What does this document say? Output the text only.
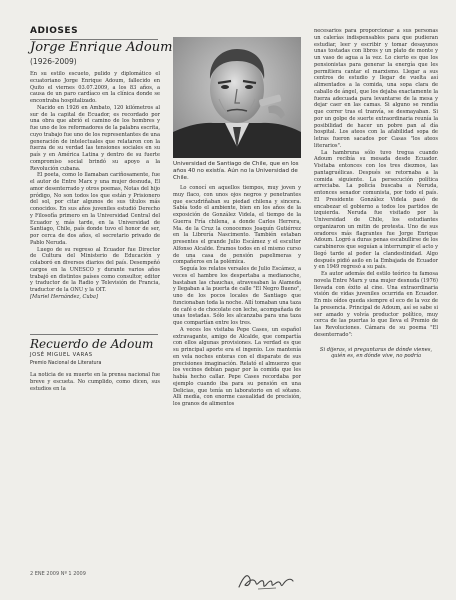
ADIOSES
Jorge Enrique Adoum
(1926-2009)

En su estilo escueto, pulido y diplomático el ecuatoriano Jorge Enrique Adoum, fallecido en Quito el viernes 03.07.2009, a los 83 años, a causa de un paro cardíaco en la clínica donde se encontraba hospitalizado.

Nacido en 1926 en Ambato, 120 kilómetros al sur de la capital de Ecuador, es recordado por una obra que abrió el camino de los hombres y fue uno de los reformadores de la palabra escrita, cuyo trabajo fue uno de los representantes de una generación de intelectuales que relataron con la fuerza de su verdad las tensiones sociales en su país y en América Latina y dentro de su fuerte compromiso social brindó su apoyo a la Revolución cubana.

El poeta, como lo llamaban cariñosamente, fue el autor de Entre Marx y una mujer desnuda, El amor desenterrado y otros poemas, Notas del hijo pródigo, No son todos los que están y Prisionero del sol, por citar algunos de sus títulos más conocidos. En sus años juveniles estudió Derecho y Filosofía primero en la Universidad Central del Ecuador y, más tarde, en la Universidad de Santiago, Chile, país donde tuvo el honor de ser, por cerca de dos años, el secretario privado de Pablo Neruda.

Luego de su regreso al Ecuador fue Director de Cultura del Ministerio de Educación y colaboró en diversos diarios del país. Desempeñó cargos en la UNESCO y durante varios años trabajó en distintos países como consultor, editor y traductor de la Radio y Televisión de Francia, traductor de la ONU y la OIT.

[Muriel Hernández, Cuba]

Recuerdo de Adoum
JOSÉ MIGUEL VARAS
Premio Nacional de Literatura

La noticia de su muerte en la prensa nacional fue breve y escueta. No cumplido, como dicen, sus estudios en la

Universidad de Santiago de Chile, que en los años 40 no existía. Aún no la Universidad de Chile.

Lo conocí en aquellos tiempos, muy joven y muy flaco, con unos ojos negros y penetrantes que escudriñaban su piedad chilena y sincera. Sabía todo el ambiente, bien en los años de la exposición de González Videla, el tiempo de la Guerra Fría chilena, a donde Carlos Herrera, Ma. de la Cruz la conocemos Joaquín Gutiérrez en la Librería Nascimento. También estaban presentes el grande Julio Escámez y el escultor Alfonso Alcalde. Éramos todos en el mismo curso de una casa de pensión papelimeras y compañeros en la polémica.

Seguía los relatos versales de Julio Escámez, a veces el hambre los despertaba a medianoche, bastaban las chauchas, atravesaban la Alameda y llegaban a la puerta de calle "El Negro Bueno", uno de los pocos locales de Santiago que funcionaban toda la noche. Allí tomaban una taza de café o de chocolate con leche, acompañada de unas tostadas. Sólo les alcanzaba para una taza que compartían entre los tres.

A veces los visitaba Pepe Cases, un español extravagante, amigo de Alcalde, que compartía con ellos algunas provisiones. La verdad es que su principal aporte era el ingenio. Los mantenía en vela noches enteras con el disparate de sus precisiones imaginación. Relató el almuerzo que los vecinos debían pagar por la comida que les había hecho callar. Pepe Cases recordaba por ejemplo cuando iba para su pensión en una Delicias, que tenía un laboratorio en el sótano. Allí medía, con enorme casualidad de precisión, los granos de alimentos

necesarios para proporcionar a sus personas un calerías indispensables para que pudieran estudiar, leer y escribir y tomar desayunos unas tostadas con libros y un plato de monte y un vaso de agua a la vez. Lo cierto es que los pensionistas para generar la energía que les permitiera cantar el marxismo. Llegar a sus centros de estudio y llegar de vuelta así alimentados a la comida, una sopa clara de caballo de ángel, que los dejaba exactamente la fuerza adecuada para levantarse de la mesa y dejar caer en las camas. Si alguno se rendía que correr tras el tranvía, se desmayaban. Si por un golpe de suerte extraordinaria reunía la posibilidad de hacer un pobre pan al día hospital. Los ateos con la afabilidad sopa de letras fueron sacados por Casas "los ateos literarios".

La hambruna sólo tuvo tregua cuando Adoum recibía su mesada desde Ecuador. Visitaba entonces con los tres diezmos, las pantagruélicas. Después se retornaba a la comida siguiente. La persecución política arreciaba. La policía buscaba a Neruda, entonces senador comunista, por todo el país. El Presidente González Videla pasó de encabezar el gobierno a todos los partidos de izquierda. Neruda fue visitado por la Universidad de Chile, los estudiantes organizaron un mitin de protesta. Uno de sus oradores más flagrantes fue Jorge Enrique Adoum. Logró a duras penas escabullirse de los carabineros que seguían a interrumpir el acto y llegó tarde al poder la clandestinidad. Algo después pidió asilo en la Embajada de Ecuador y en 1949 regresó a su país.

Es autor además del estilo teórico tu famosa novela Entre Marx y una mujer desnuda (1976) llevada con éxito al cine. Una extraordinaria visión de vidas juveniles ocurrida en Ecuador. En mis oídos queda siempre el eco de la voz de la presencia. Principal de Adoum, así se sabe si ser amado y volvía productor político, muy cerca de las puertas lo que lleva el Premio de las Revoluciones. Cámara de su poema "El desenterrado":

Si dijeras, si preguntaras de dónde vienes, quién es, en dónde vive, no podría

2 ENE 2009 Nº 1 2009
